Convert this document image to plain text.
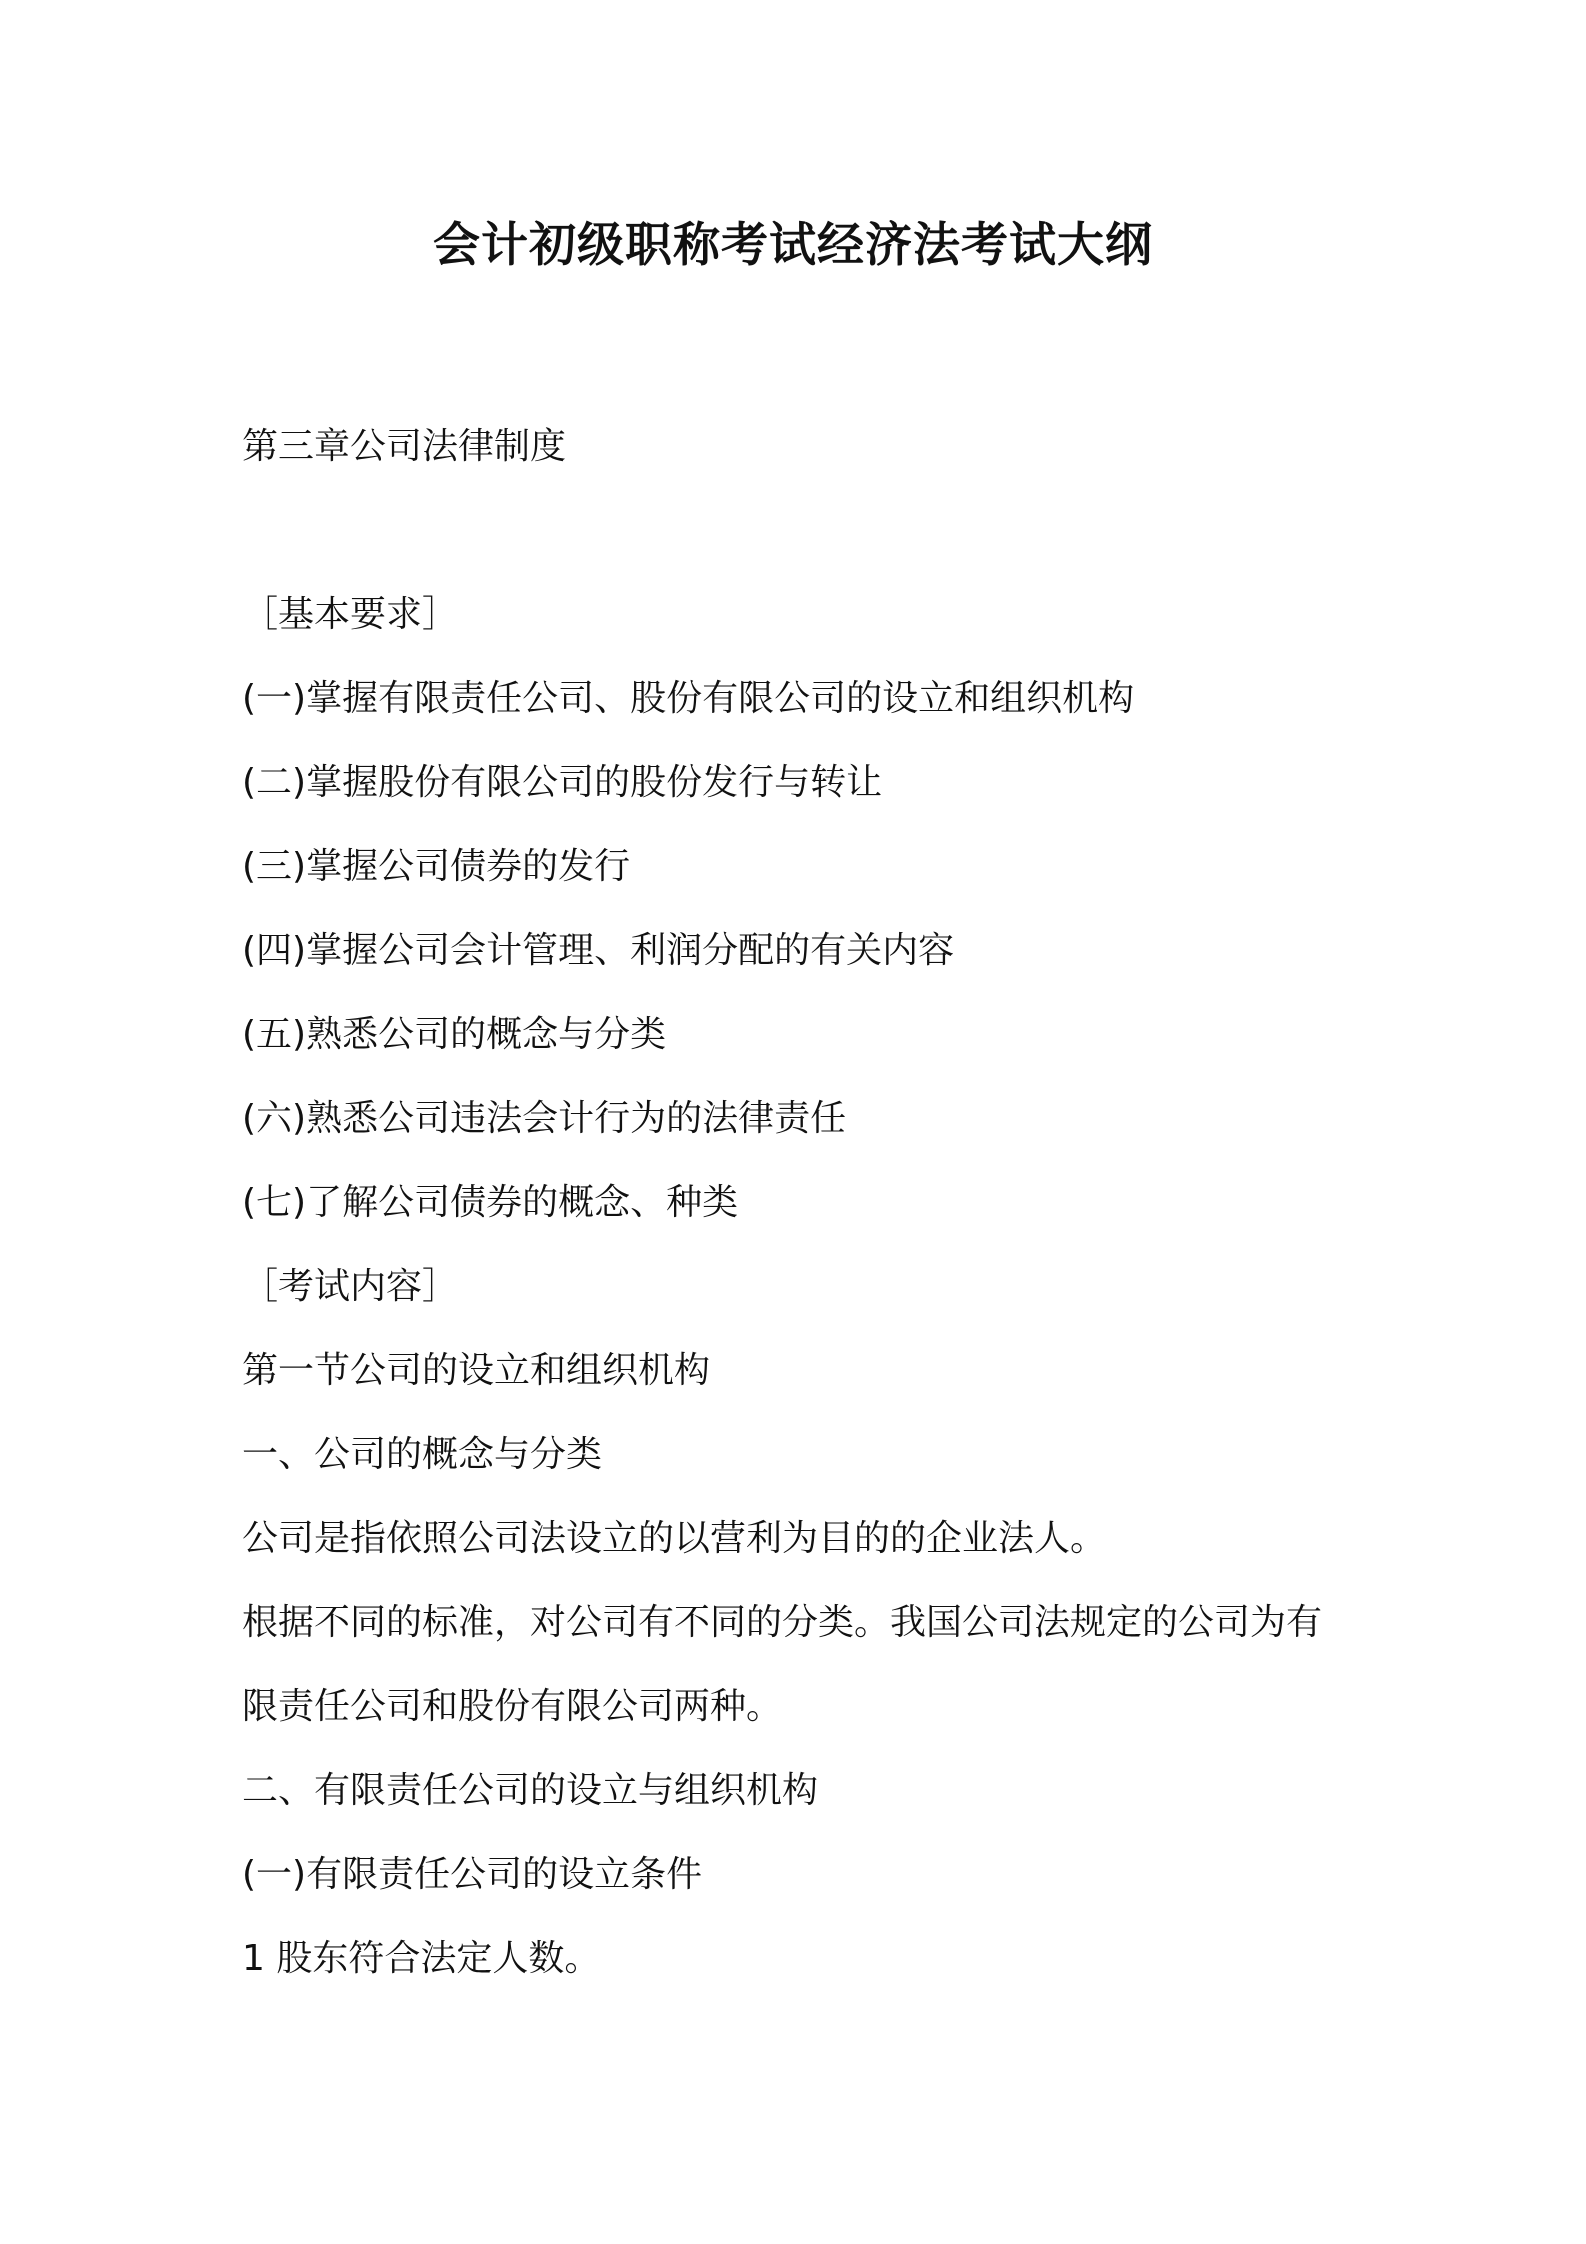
会计初级职称考试经济法考试大纲
第三章公司法律制度
［基本要求］
(一)掌握有限责任公司、股份有限公司的设立和组织机构
(二)掌握股份有限公司的股份发行与转让
(三)掌握公司债券的发行
(四)掌握公司会计管理、利润分配的有关内容
(五)熟悉公司的概念与分类
(六)熟悉公司违法会计行为的法律责任
(七)了解公司债券的概念、种类
［考试内容］
第一节公司的设立和组织机构
一、公司的概念与分类
公司是指依照公司法设立的以营利为目的的企业法人。
根据不同的标准，对公司有不同的分类。我国公司法规定的公司为有
限责任公司和股份有限公司两种。
二、有限责任公司的设立与组织机构
(一)有限责任公司的设立条件
1 股东符合法定人数。
